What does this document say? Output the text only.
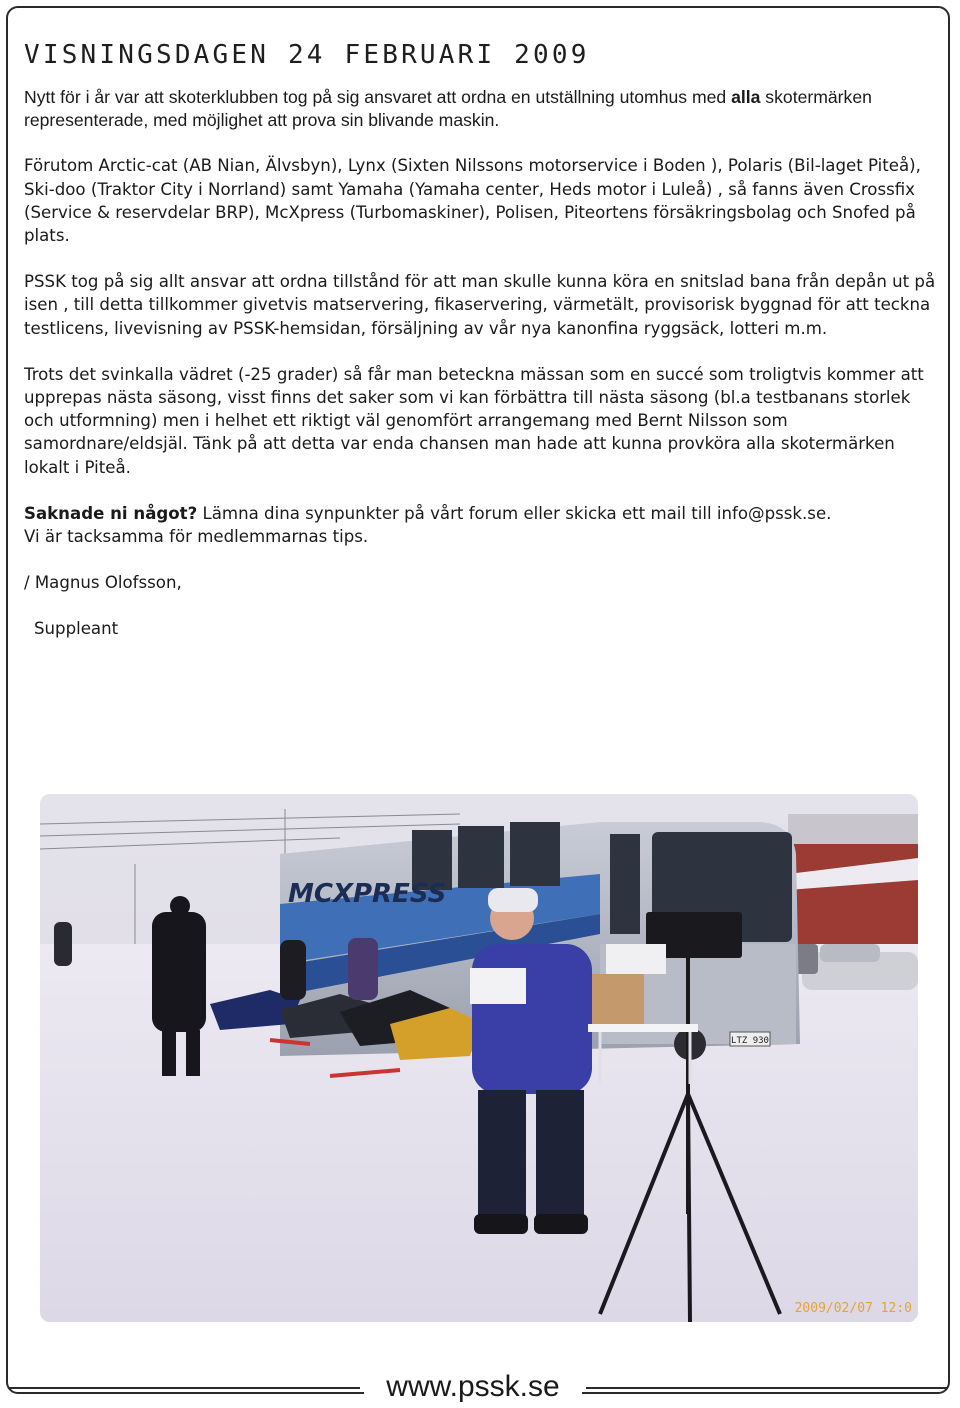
VISNINGSDAGEN 24 FEBRUARI 2009

Nytt för i år var att skoterklubben tog på sig ansvaret att ordna en utställning utomhus med alla skotermärken representerade, med möjlighet att prova sin blivande maskin.

Förutom Arctic-cat (AB Nian, Älvsbyn), Lynx (Sixten Nilssons motorservice i Boden ), Polaris (Bil-laget Piteå), Ski-doo (Traktor City i Norrland) samt Yamaha (Yamaha center, Heds motor i Luleå) , så fanns även Crossfix (Service & reservdelar BRP), McXpress (Turbomaskiner), Polisen, Piteortens försäkringsbolag och Snofed på plats.

PSSK tog på sig allt ansvar att ordna tillstånd för att man skulle kunna köra en snitslad bana från depån ut på isen , till detta tillkommer givetvis matservering, fikaservering, värmetält, provisorisk byggnad för att teckna testlicens, livevisning av PSSK-hemsidan, försäljning av vår nya kanonfina ryggsäck, lotteri m.m.

Trots det svinkalla vädret (-25 grader) så får man beteckna mässan som en succé som troligtvis kommer att upprepas nästa säsong, visst finns det saker som vi kan förbättra till nästa säsong (bl.a testbanans storlek och utformning) men i helhet ett riktigt väl genomfört arrangemang med Bernt Nilsson som samordnare/eldsjäl. Tänk på att detta var enda chansen man hade att kunna provköra alla skotermärken lokalt i Piteå.

Saknade ni något? Lämna dina synpunkter på vårt forum eller skicka ett mail till info@pssk.se.
Vi är tacksamma för medlemmarnas tips.

/ Magnus Olofsson,

Suppleant

LTZ 930
MCXPRESS
2009/02/07 12:0
www.pssk.se
